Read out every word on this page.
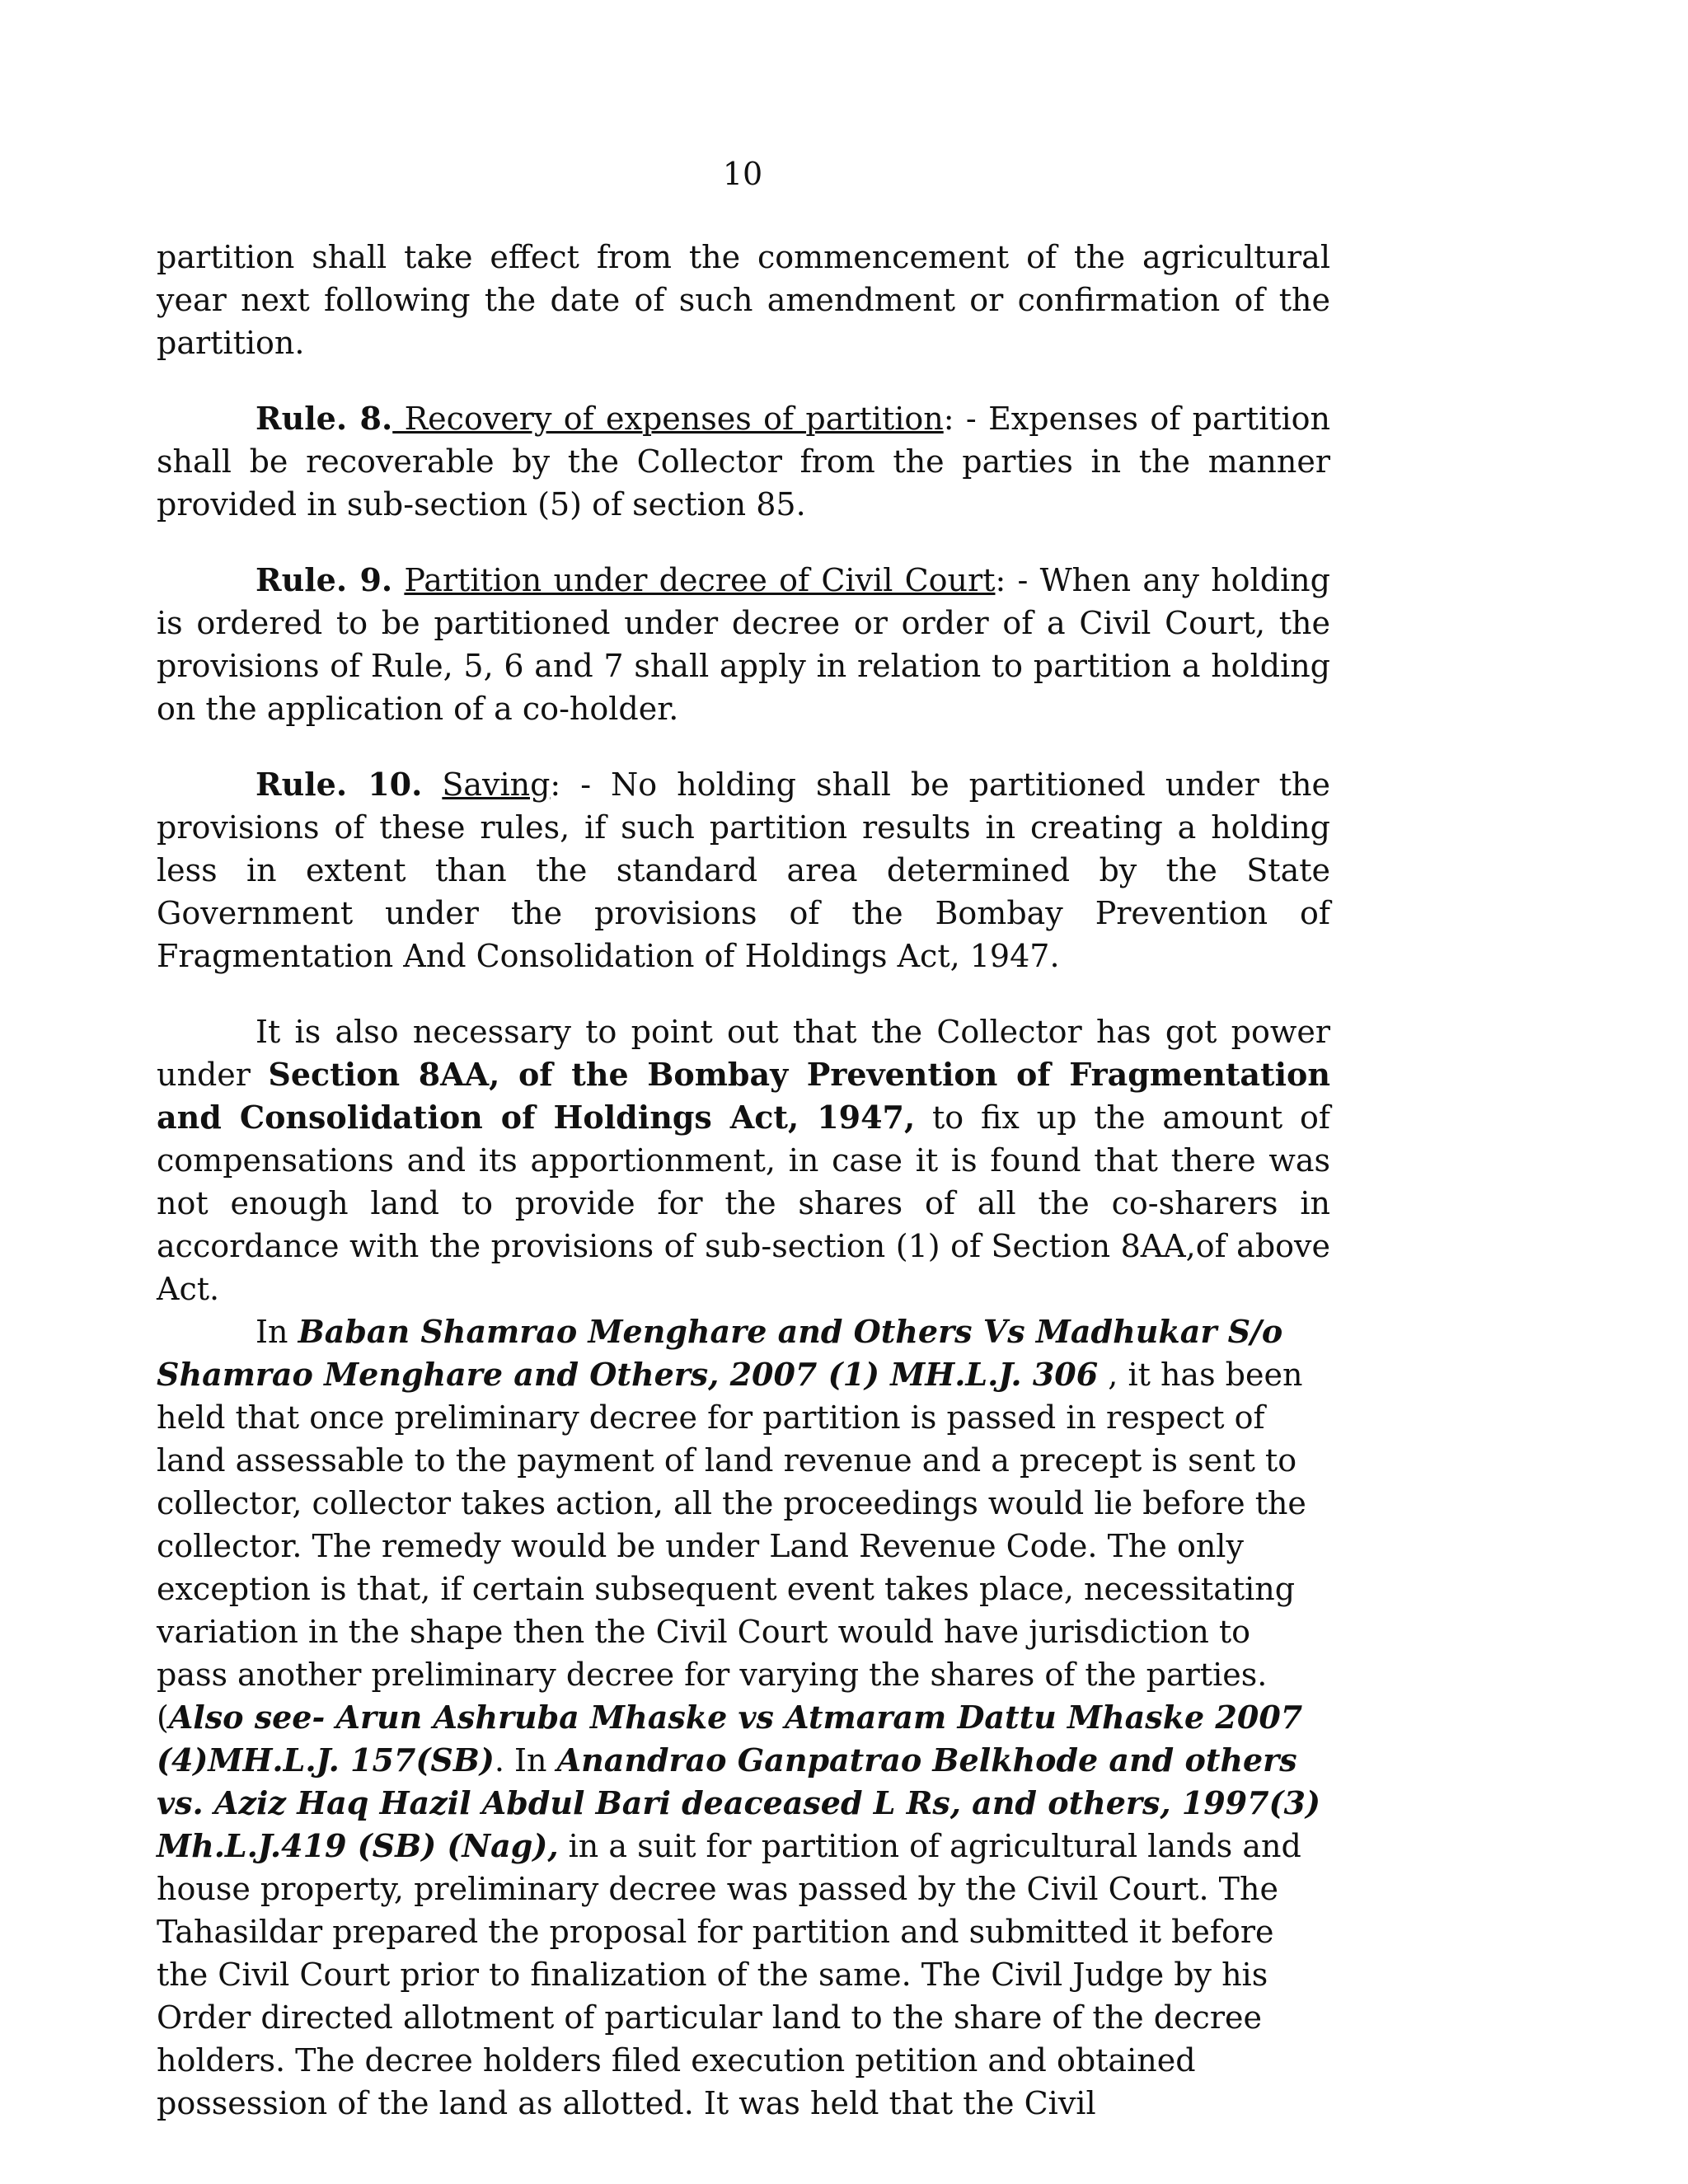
10

partition shall take effect from the commencement of the agricultural year next following the date of such amendment or confirmation of the partition.

Rule. 8. Recovery of expenses of partition: - Expenses of partition shall be recoverable by the Collector from the parties in the manner provided in sub-section (5) of section 85.

Rule. 9. Partition under decree of Civil Court: - When any holding is ordered to be partitioned under decree or order of a Civil Court, the provisions of Rule, 5, 6 and 7 shall apply in relation to partition a holding on the application of a co-holder.

Rule. 10. Saving: - No holding shall be partitioned under the provisions of these rules, if such partition results in creating a holding less in extent than the standard area determined by the State Government under the provisions of the Bombay Prevention of Fragmentation And Consolidation of Holdings Act, 1947.

It is also necessary to point out that the Collector has got power under Section 8AA, of the Bombay Prevention of Fragmentation and Consolidation of Holdings Act, 1947, to fix up the amount of compensations and its apportionment, in case it is found that there was not enough land to provide for the shares of all the co-sharers in accordance with the provisions of sub-section (1) of Section 8AA,of above Act.

In Baban Shamrao Menghare and Others Vs Madhukar S/o Shamrao Menghare and Others, 2007 (1) MH.L.J. 306 , it has been held that once preliminary decree for partition is passed in respect of land assessable to the payment of land revenue and a precept is sent to collector, collector takes action, all the proceedings would lie before the collector. The remedy would be under Land Revenue Code. The only exception is that, if certain subsequent event takes place, necessitating variation in the shape then the Civil Court would have jurisdiction to pass another preliminary decree for varying the shares of the parties.(Also see- Arun Ashruba Mhaske vs Atmaram Dattu Mhaske 2007 (4)MH.L.J. 157(SB). In Anandrao Ganpatrao Belkhode and others vs. Aziz Haq Hazil Abdul Bari deaceased L Rs, and others, 1997(3) Mh.L.J.419 (SB) (Nag), in a suit for partition of agricultural lands and house property, preliminary decree was passed by the Civil Court. The Tahasildar prepared the proposal for partition and submitted it before the Civil Court prior to finalization of the same. The Civil Judge by his Order directed allotment of particular land to the share of the decree holders. The decree holders filed execution petition and obtained possession of the land as allotted. It was held that the Civil
